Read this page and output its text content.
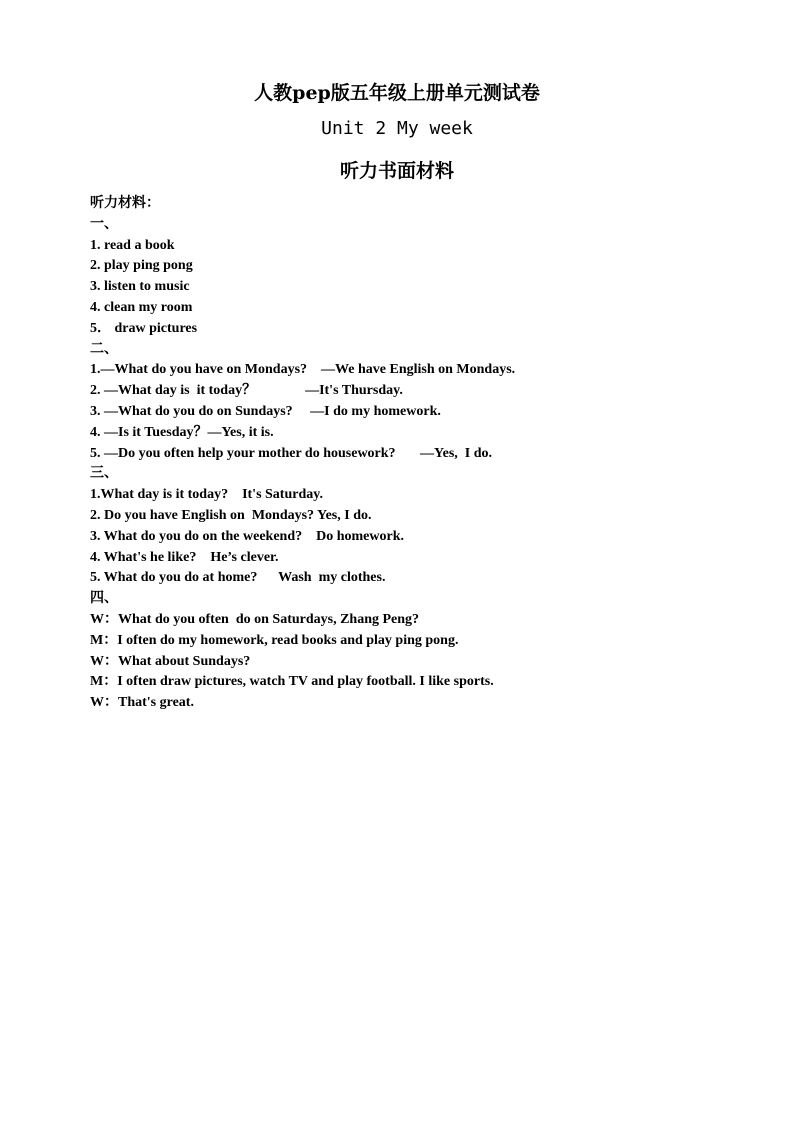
人教pep版五年级上册单元测试卷
Unit 2 My week
听力书面材料
听力材料：
一、
1. read a book
2. play ping pong
3. listen to music
4. clean my room
5． draw pictures
二、
1.—What do you have on Mondays?    —We have English on Mondays.
2. —What day is  it today？              —It's Thursday.
3. —What do you do on Sundays?     —I do my homework.
4. —Is it Tuesday？—Yes, it is.
5. —Do you often help your mother do housework?       —Yes,  I do.
三、
1.What day is it today?    It's Saturday.
2. Do you have English on  Mondays? Yes, I do.
3. What do you do on the weekend?    Do homework.
4. What's he like?    He’s clever.
5. What do you do at home?      Wash  my clothes.
四、
W：What do you often  do on Saturdays, Zhang Peng?
M：I often do my homework, read books and play ping pong.
W：What about Sundays?
M：I often draw pictures, watch TV and play football. I like sports.
W：That's great.
